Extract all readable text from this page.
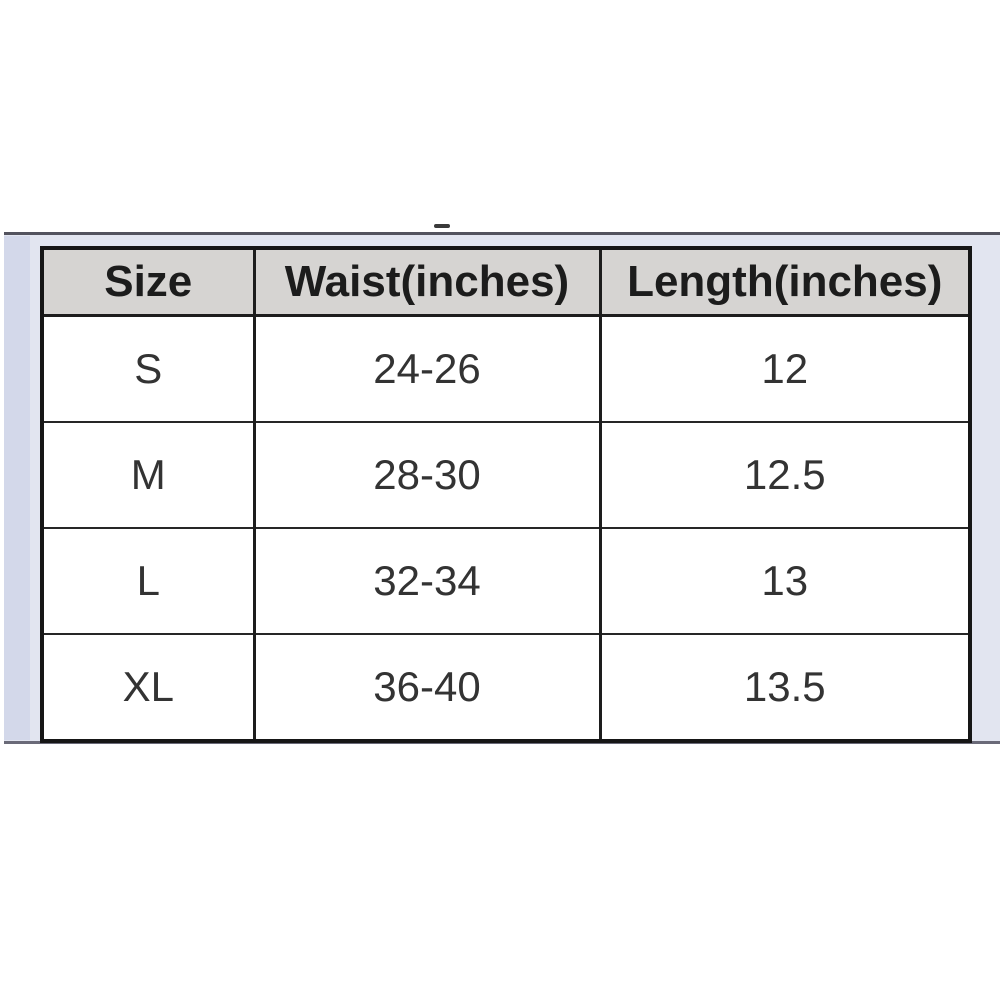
Size	Waist(inches)	Length(inches)
S	24-26	12
M	28-30	12.5
L	32-34	13
XL	36-40	13.5
